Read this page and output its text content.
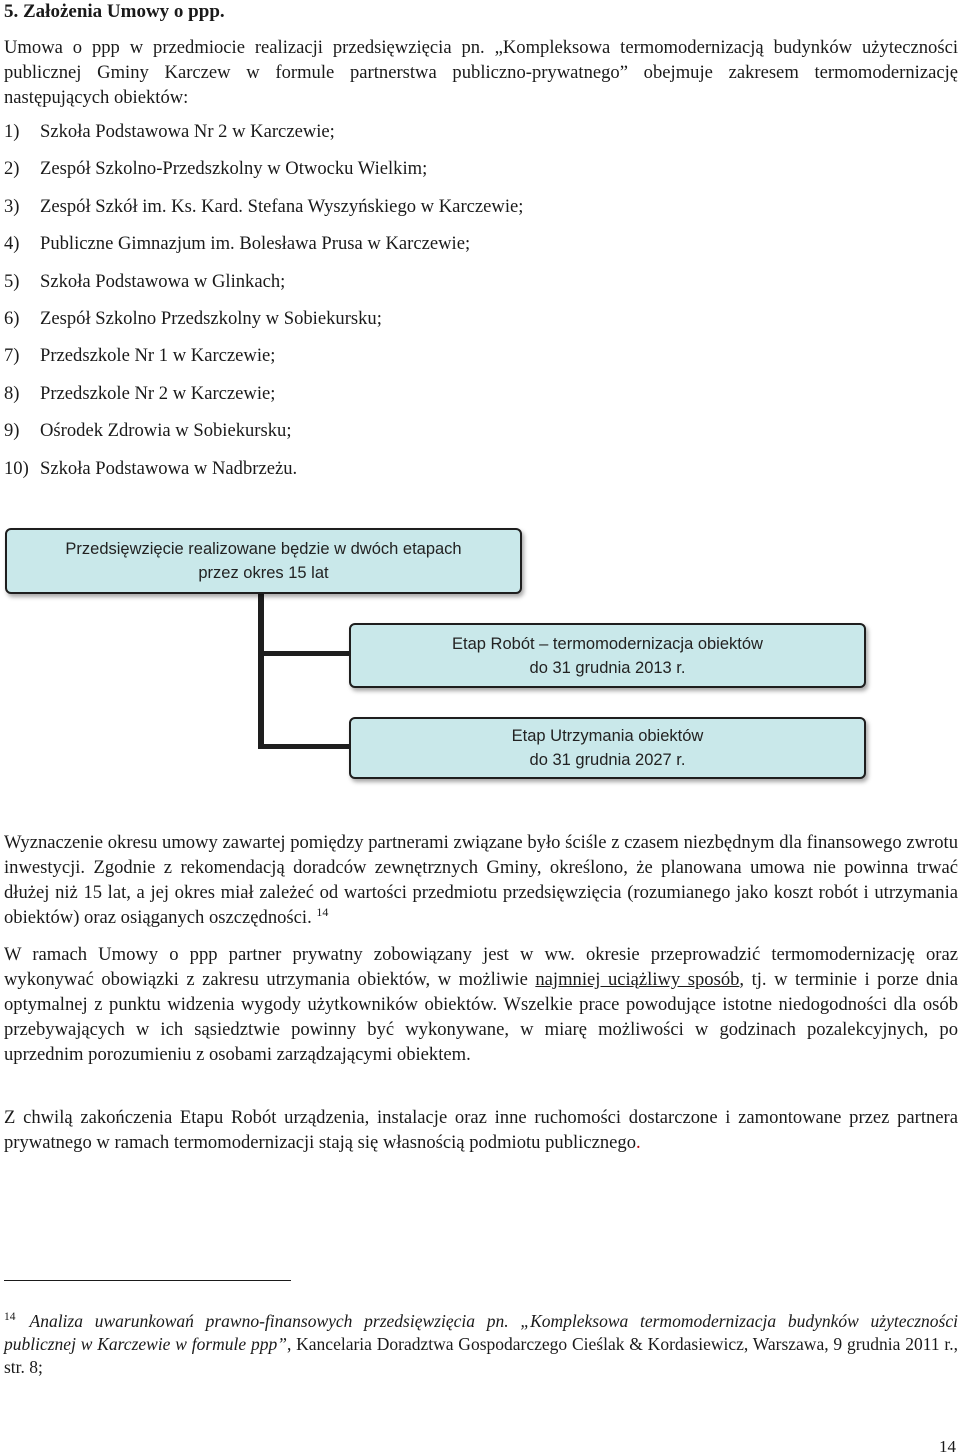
5. Założenia Umowy o ppp.
Umowa o ppp w przedmiocie realizacji przedsięwzięcia pn. „Kompleksowa termomodernizacją budynków użyteczności publicznej Gminy Karczew w formule partnerstwa publiczno-prywatnego” obejmuje zakresem termomodernizację następujących obiektów:
1) Szkoła Podstawowa Nr 2 w Karczewie;
2) Zespół Szkolno-Przedszkolny w Otwocku Wielkim;
3) Zespół Szkół im. Ks. Kard. Stefana Wyszyńskiego w Karczewie;
4) Publiczne Gimnazjum im. Bolesława Prusa w Karczewie;
5) Szkoła Podstawowa w Glinkach;
6) Zespół Szkolno Przedszkolny w Sobiekursku;
7) Przedszkole Nr 1 w Karczewie;
8) Przedszkole Nr 2 w Karczewie;
9) Ośrodek Zdrowia w Sobiekursku;
10) Szkoła Podstawowa w Nadbrzeżu.
Przedsięwzięcie realizowane będzie w dwóch etapach
przez okres 15 lat
Etap Robót – termomodernizacja obiektów
do 31 grudnia 2013 r.
Etap Utrzymania obiektów
do 31 grudnia 2027 r.

Wyznaczenie okresu umowy zawartej pomiędzy partnerami związane było ściśle z czasem niezbędnym dla finansowego zwrotu inwestycji. Zgodnie z rekomendacją doradców zewnętrznych Gminy, określono, że planowana umowa nie powinna trwać dłużej niż 15 lat, a jej okres miał zależeć od wartości przedmiotu przedsięwzięcia (rozumianego jako koszt robót i utrzymania obiektów) oraz osiąganych oszczędności. $^{14}$

W ramach Umowy o ppp partner prywatny zobowiązany jest w ww. okresie przeprowadzić termomodernizację oraz wykonywać obowiązki z zakresu utrzymania obiektów, w możliwie najmniej uciążliwy sposób, tj. w terminie i porze dnia optymalnej z punktu widzenia wygody użytkowników obiektów. Wszelkie prace powodujące istotne niedogodności dla osób przebywających w ich sąsiedztwie powinny być wykonywane, w miarę możliwości w godzinach pozalekcyjnych, po uprzednim porozumieniu z osobami zarządzającymi obiektem.

Z chwilą zakończenia Etapu Robót urządzenia, instalacje oraz inne ruchomości dostarczone i zamontowane przez partnera prywatnego w ramach termomodernizacji stają się własnością podmiotu publicznego.

$^{14}$ Analiza uwarunkowań prawno-finansowych przedsięwzięcia pn. „Kompleksowa termomodernizacja budynków użyteczności publicznej w Karczewie w formule ppp”, Kancelaria Doradztwa Gospodarczego Cieślak & Kordasiewicz, Warszawa, 9 grudnia 2011 r., str. 8;
14
